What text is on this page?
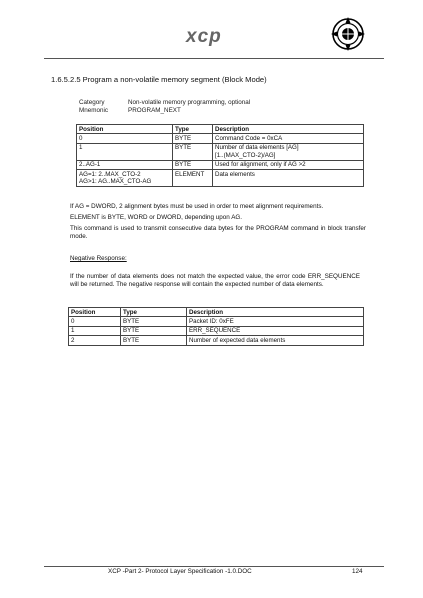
xcp
1.6.5.2.5 Program a non-volatile memory segment (Block Mode)
Category	Non-volatile memory programming, optional
Mnemonic	PROGRAM_NEXT
Position	Type	Description
0	BYTE	Command Code = 0xCA
1	BYTE	Number of data elements [AG]
[1..(MAX_CTO-2)/AG]
2..AG-1	BYTE	Used for alignment, only if AG >2
AG=1: 2..MAX_CTO-2
AG>1: AG..MAX_CTO-AG	ELEMENT	Data elements
If AG = DWORD, 2 alignment bytes must be used in order to meet alignment requirements.
ELEMENT is BYTE, WORD or DWORD, depending upon AG.
This command is used to transmit consecutive data bytes for the PROGRAM command in block transfer mode.
Negative Response:
If the number of data elements does not match the expected value, the error code ERR_SEQUENCE will be returned. The negative response will contain the expected number of data elements.
Position	Type	Description
0	BYTE	Packet ID: 0xFE
1	BYTE	ERR_SEQUENCE
2	BYTE	Number of expected data elements
XCP -Part 2- Protocol Layer Specification -1.0.DOC	124
